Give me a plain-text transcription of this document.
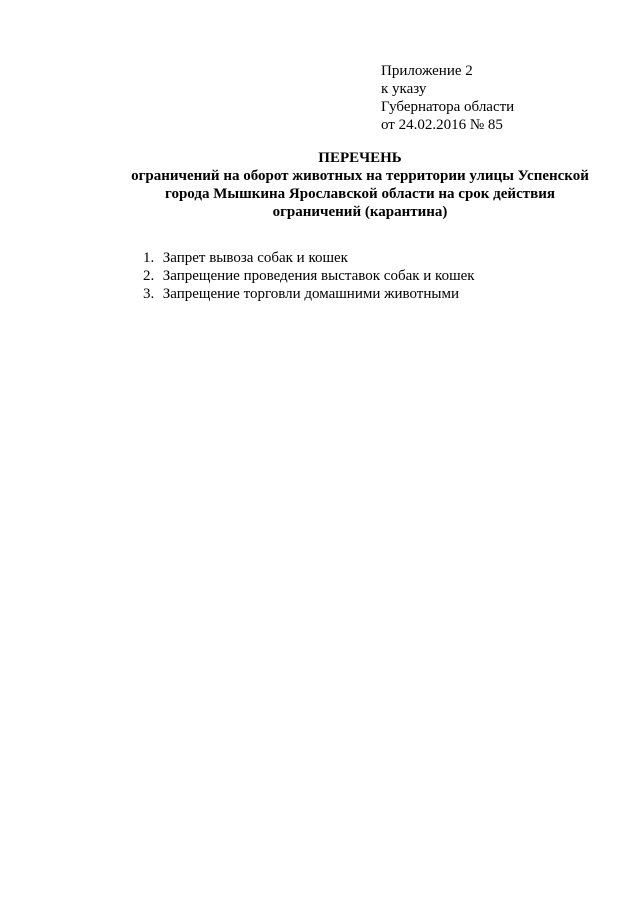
Приложение 2
к указу
Губернатора области
от 24.02.2016 № 85
ПЕРЕЧЕНЬ
ограничений на оборот животных на территории улицы Успенской
города Мышкина Ярославской области на срок действия
ограничений (карантина)
1. Запрет вывоза собак и кошек
2. Запрещение проведения выставок собак и кошек
3. Запрещение торговли домашними животными
